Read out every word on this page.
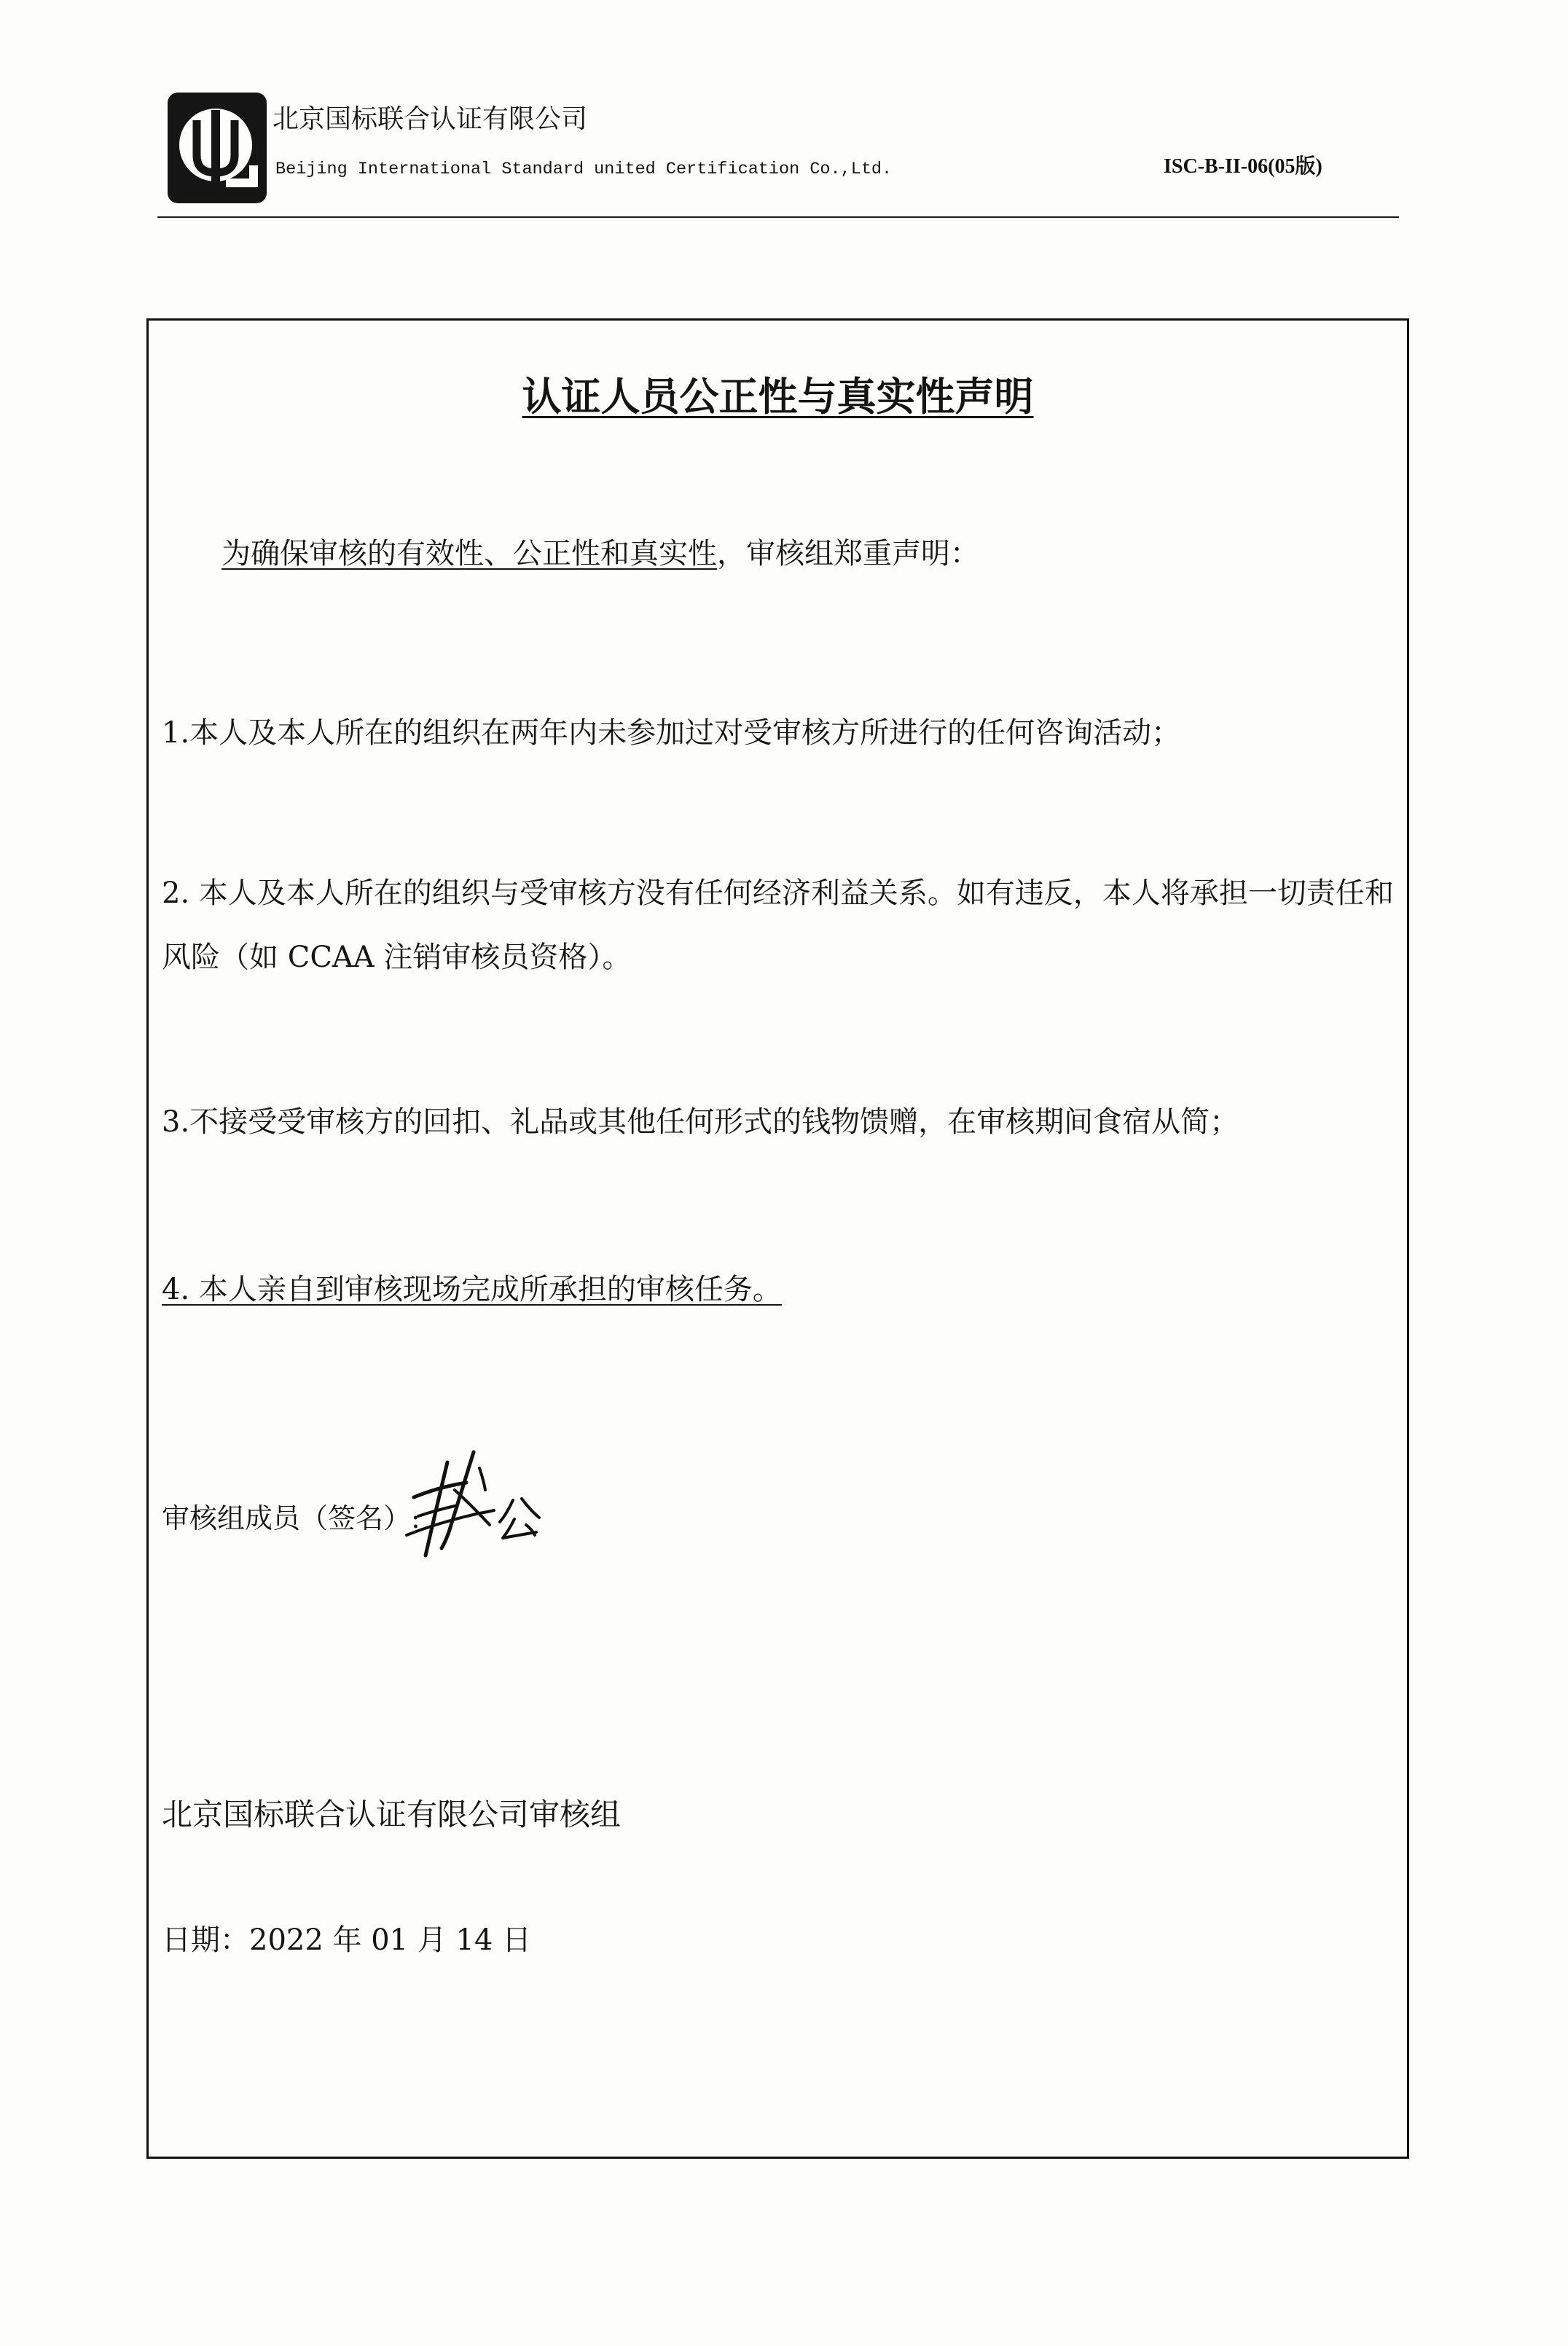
北京国标联合认证有限公司
Beijing International Standard united Certification Co.,Ltd.	ISC-B-II-06(05版)
认证人员公正性与真实性声明
为确保审核的有效性、公正性和真实性，审核组郑重声明：
1.本人及本人所在的组织在两年内未参加过对受审核方所进行的任何咨询活动；
2. 本人及本人所在的组织与受审核方没有任何经济利益关系。如有违反，本人将承担一切责任和
风险（如 CCAA 注销审核员资格）。
3.不接受受审核方的回扣、礼品或其他任何形式的钱物馈赠，在审核期间食宿从简；
4. 本人亲自到审核现场完成所承担的审核任务。
审核组成员（签名）:
北京国标联合认证有限公司审核组
日期：2022 年 01 月 14 日
